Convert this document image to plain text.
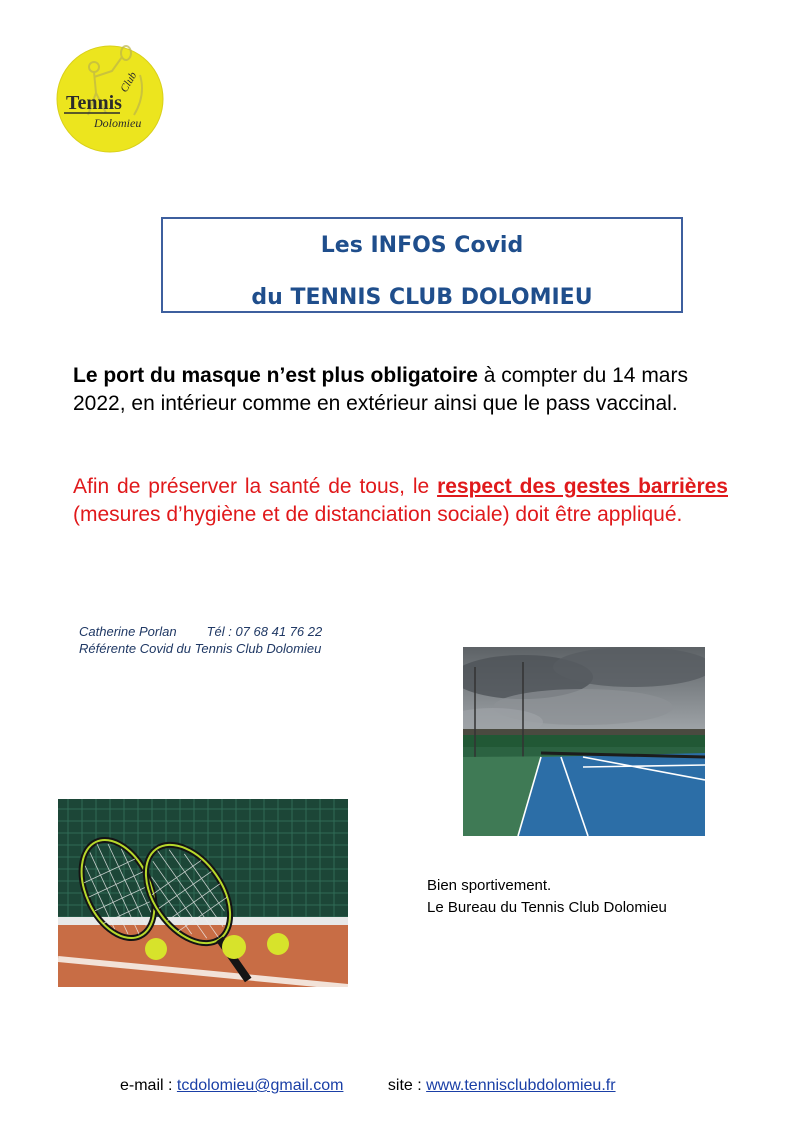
Tennis
Club
Dolomieu
Les INFOS Covid
du TENNIS CLUB DOLOMIEU
Le port du masque n’est plus obligatoire à compter du 14 mars 2022, en intérieur comme en extérieur ainsi que le pass vaccinal.
Afin de préserver la santé de tous, le respect des gestes barrières (mesures d’hygiène et de distanciation sociale) doit être appliqué.
Catherine Porlan Tél : 07 68 41 76 22
Référente Covid du Tennis Club Dolomieu
Bien sportivement.
Le Bureau du Tennis Club Dolomieu
e-mail : tcdolomieu@gmail.com	site : www.tennisclubdolomieu.fr
